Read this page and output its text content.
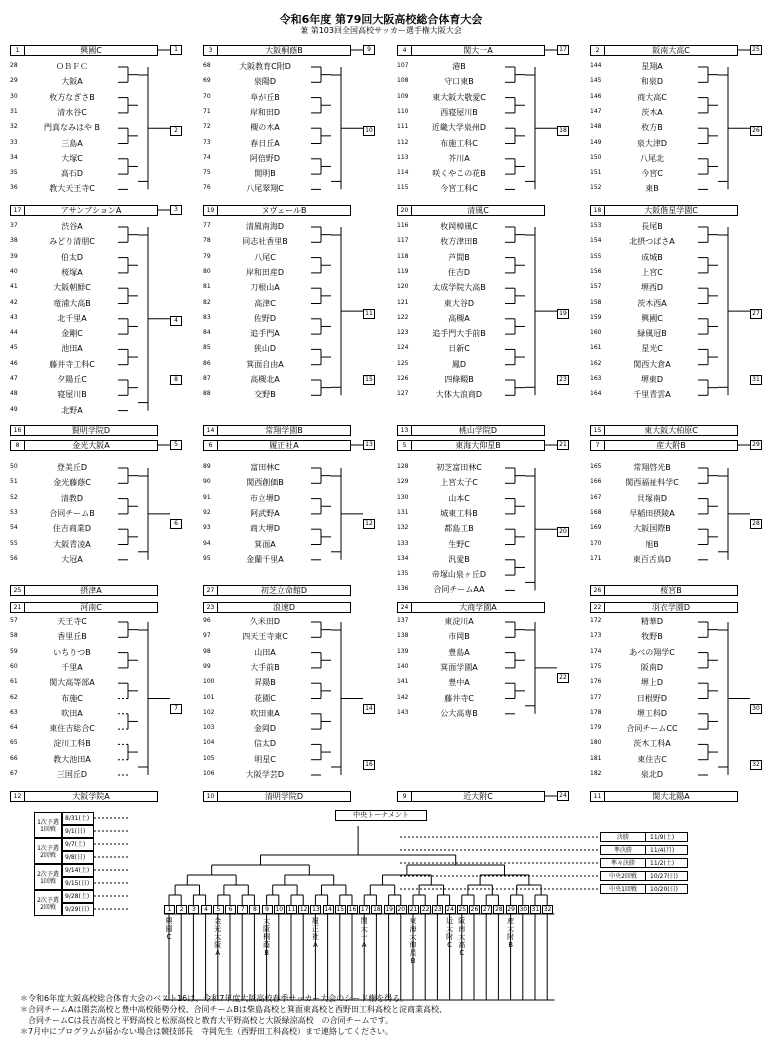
令和6年度 第79回大阪高校総合体育大会
兼 第103回全国高校サッカー選手権大阪大会
1	興國C	1
17	アサンプションA	3
16	賢明学院D
8	金光大阪A	5
25	摂津A
21	河南C
12	大阪学院A
28	ＯＢＦＣ
29	大阪A
30	枚方なぎさB
31	清水谷C
32	門真なみはや B
33	三島A
34	大塚C
35	高石D
36	教大天王寺C
37	渋谷A
38	みどり清朋C
39	伯太D
40	桜塚A
41	大阪朝鮮C
42	竜浦大高B
43	北千里A
44	金剛C
45	池田A
46	藤井寺工科C
47	夕陽丘C
48	寝屋川B
49	北野A
50	登美丘D
51	金光藤蔭C
52	清教D
53	合同チームB
54	住吉商業D
55	大阪青凌A
56	大冠A
57	天王寺C
58	香里丘B
59	いちりつB
60	千里A
61	関大高等部A
62	布施C
63	吹田A
64	東住吉総合C
65	淀川工科B
66	教大池田A
67	三国丘D
2
4
6
7
8
3	大阪桐蔭B	9
19	ヌヴェールB
14	常翔学園B
6	履正社A	13
27	初芝立命館D
23	浪速D
10	清明学院D
68	大阪教育C附D
69	泉陽D
70	阜が丘B
71	岸和田D
72	槻の木A
73	春日丘A
74	阿倍野D
75	開明B
76	八尾翠翔C
77	清風南海D
78	同志社香里B
79	八尾C
80	岸和田産D
81	刀根山A
82	高津C
83	佐野D
84	追手門A
85	狭山D
86	箕面自由A
87	高槻北A
88	交野B
89	富田林C
90	関西創価B
91	市立堺D
92	阿武野A
93	商大堺D
94	箕面A
95	金蘭千里A
96	久米田D
97	四天王寺東C
98	山田A
99	大手前B
100	昇陽B
101	花園C
102	吹田東A
103	金岡D
104	信太D
105	明星C
106	大阪学芸D
10
11
12
14
15
16
4	関大一A	17
20	清風C
13	桃山学院D
5	東海大仰星B	21
24	大商学園A
9	近大附C	24
107	港B
108	守口東B
109	東大阪大敬愛C
110	西寝屋川B
111	近畿大学泉州D
112	布施工科C
113	芥川A
114	咲くやこの花B
115	今宮工科C
116	枚岡樟風C
117	枚方津田B
118	芦間B
119	住吉D
120	太成学院大高B
121	東大谷D
122	高槻A
123	追手門大手前B
124	日新C
125	鳳D
126	四條畷B
127	大体大浪商D
128	初芝富田林C
129	上宮太子C
130	山本C
131	城東工科B
132	都島工B
133	生野C
134	汎愛B
135	帝塚山泉ヶ丘D
136	合同チームAA
137	東淀川A
138	市岡B
139	豊島A
140	箕面学園A
141	豊中A
142	藤井寺C
143	公大高専B
18
19
20
22
23
2	阪南大高C	25
18	大阪偕星学園C
15	東大阪大柏原C
7	産大附B	29
26	桜宮B
22	羽衣学園D
11	関大北陽A
144	星翔A
145	和泉D
146	商大高C
147	茨木A
148	枚方B
149	泉大津D
150	八尾北
151	今宮C
152	東B
153	長尾B
154	北摂つばさA
155	成城B
156	上宮C
157	堺西D
158	茨木西A
159	興國C
160	緑風冠B
161	星光C
162	関西大倉A
163	堺東D
164	千里青雲A
165	常翔啓光B
166	関西福祉科学C
167	貝塚南D
168	早稲田摂陵A
169	大阪国際B
170	旭B
171	東百舌鳥D
172	精華D
173	牧野B
174	あべの翔学C
175	阪南D
176	堺上D
177	日根野D
178	堺工科D
179	合同チームCC
180	茨木工科A
181	東住吉C
182	泉北D
26
27
28
30
31
32
1次予選 1回戦
8/31(土)
9/1(日)
1次予選 2回戦
9/7(土)
9/8(日)
2次予選 1回戦
9/14(土)
9/15(日)
2次予選 2回戦
9/28(土)
9/29(日)
中央トーナメント
1	2	3	4	5	6	7	8	9	10 11 12 13 14 15 16 17 18 19 20 21 22 23 24 25 26 27 28 29 30 31 32
興國C
金光大阪A
大阪桐蔭B
履正社A
関大一A
東海大仰星B
近大附C
阪南大高C
産大附B
決勝	11/9(土)
準決勝	11/4(月)
準々決勝	11/2(土)
中央2回戦 10/27(日)
中央1回戦 10/20(日)
＊令和6年度大阪高校総合体育大会のベスト16は、令和7年度大阪高校春季サッカー大会のシード権を得る。
＊合同チームAは園芸高校と豊中高校能勢分校、合同チームBは柴島高校と箕面東高校と西野田工科高校と淀商業高校、
　合同チームCは長吉高校と平野高校と松原高校と教育大平野高校と大阪緑涼高校　の合同チームです。
＊7月中にプログラムが届かない場合は競技部長　寺岡先生（西野田工科高校）まで連絡してください。
